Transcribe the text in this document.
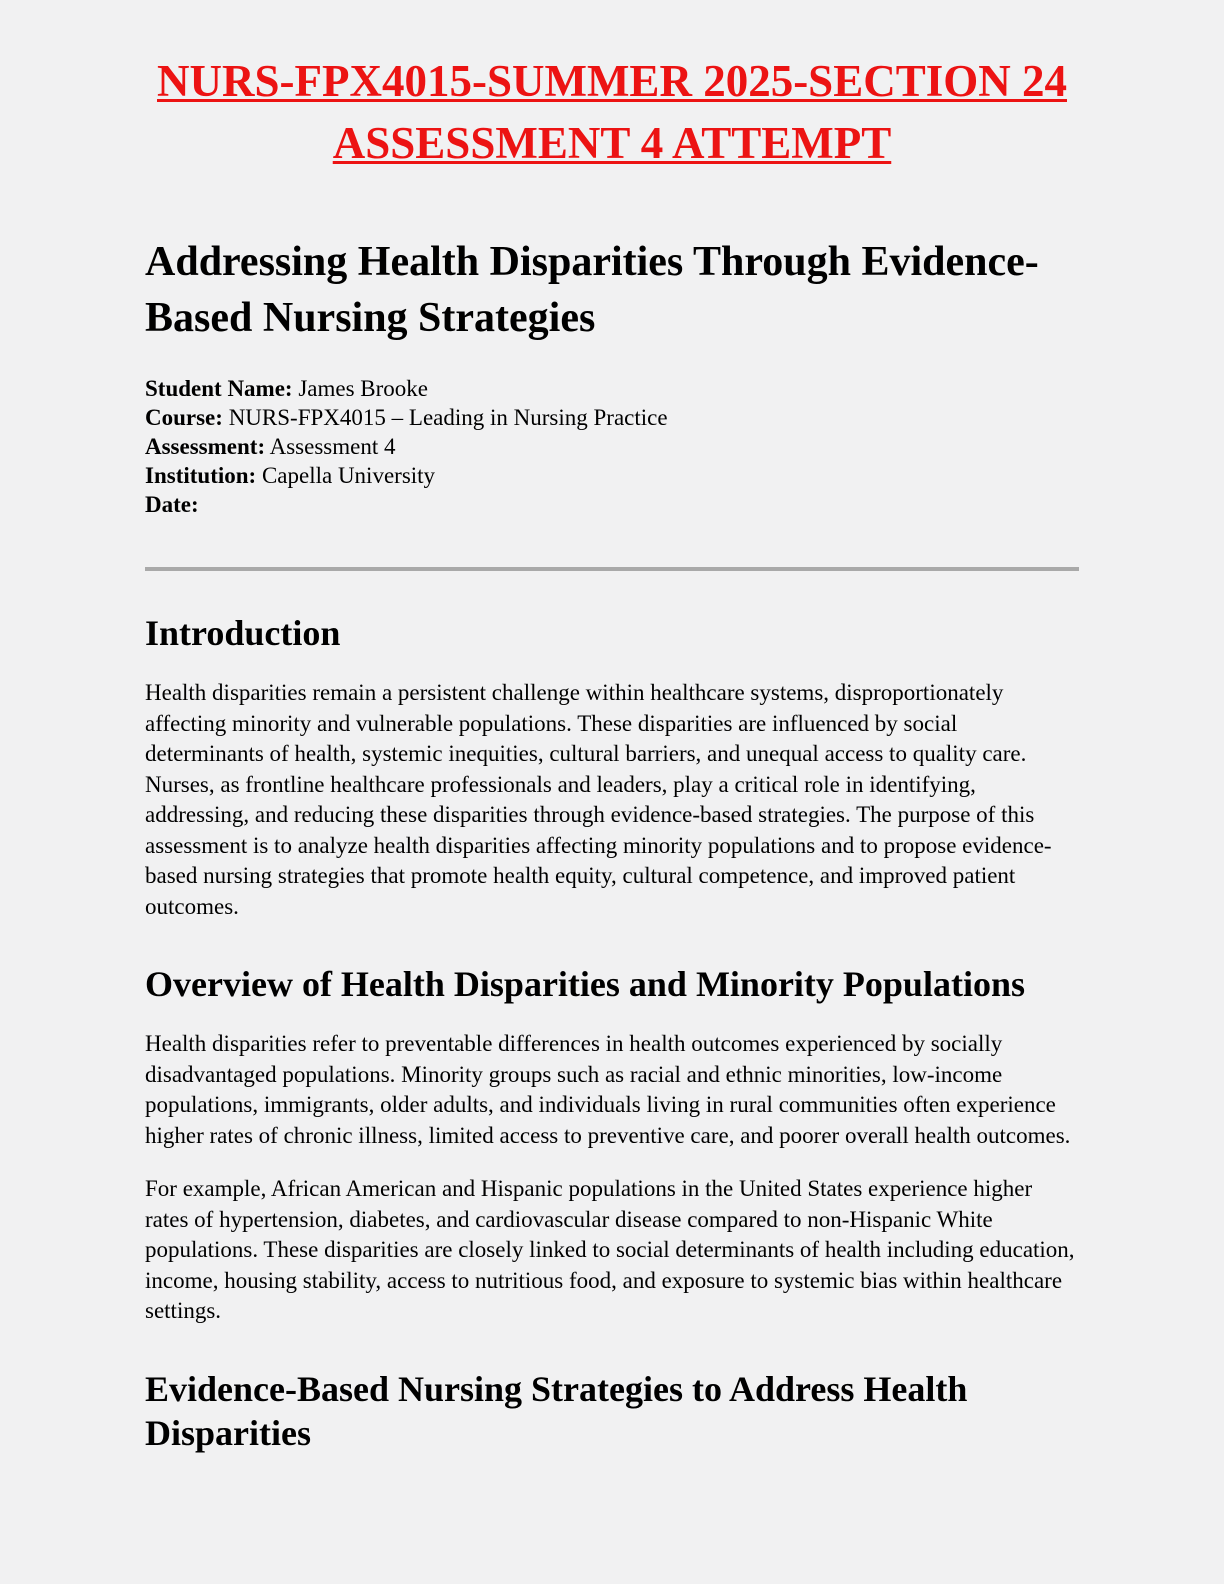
NURS-FPX4015-SUMMER 2025-SECTION 24 ASSESSMENT 4 ATTEMPT
Addressing Health Disparities Through Evidence-Based Nursing Strategies

Student Name: James Brooke

Course: NURS-FPX4015 – Leading in Nursing Practice

Assessment: Assessment 4

Institution: Capella University

Date:

Introduction

Health disparities remain a persistent challenge within healthcare systems, disproportionately affecting minority and vulnerable populations. These disparities are influenced by social determinants of health, systemic inequities, cultural barriers, and unequal access to quality care. Nurses, as frontline healthcare professionals and leaders, play a critical role in identifying, addressing, and reducing these disparities through evidence-based strategies. The purpose of this assessment is to analyze health disparities affecting minority populations and to propose evidence-based nursing strategies that promote health equity, cultural competence, and improved patient outcomes.

Overview of Health Disparities and Minority Populations

Health disparities refer to preventable differences in health outcomes experienced by socially disadvantaged populations. Minority groups such as racial and ethnic minorities, low-income populations, immigrants, older adults, and individuals living in rural communities often experience higher rates of chronic illness, limited access to preventive care, and poorer overall health outcomes.

For example, African American and Hispanic populations in the United States experience higher rates of hypertension, diabetes, and cardiovascular disease compared to non-Hispanic White populations. These disparities are closely linked to social determinants of health including education, income, housing stability, access to nutritious food, and exposure to systemic bias within healthcare settings.

Evidence-Based Nursing Strategies to Address Health Disparities
